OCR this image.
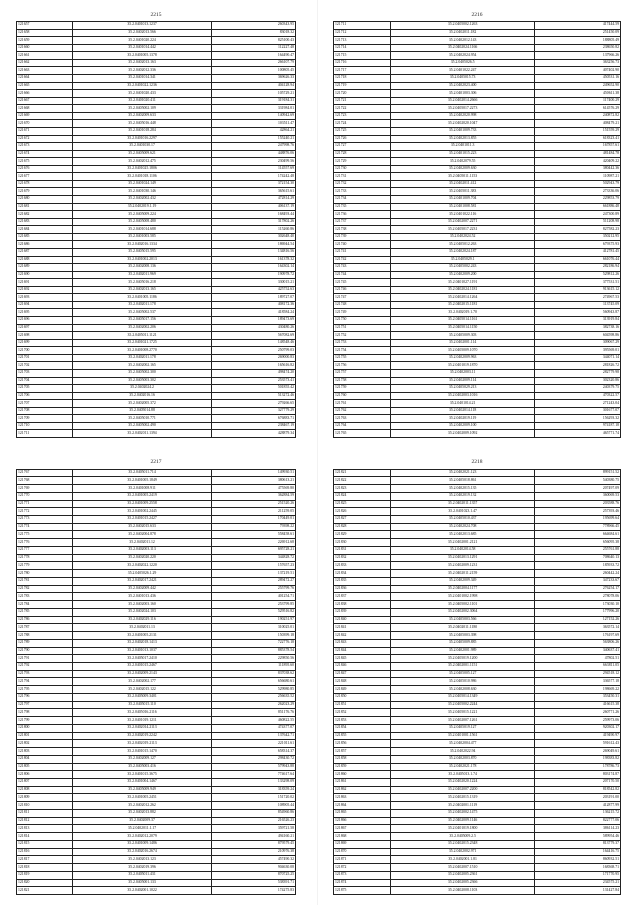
2215
121657	35.2.0401013.1237	260343.95
121658	35.2.0402013.566	83018.32
121659	35.2.0401020.224	825100.43
121660	35.2.0401014.442	112227.48
121661	35.2.0401005.1378	164490.47
121662	35.2.0402013.163	266107.79
121663	35.2.0402012.336	100805.45
121664	35.2.0401014.341	369626.33
121665	35.2.0401022.1236	404128.94
121666	35.2.0401020.433	105729.21
121667	35.2.0401020.411	319184.31
121668	35.2.0405002.109	331984.01
121669	35.2.0402009.633	140942.69
121670	35.2.0405016.448	103511.47
121671	35.2.0401018.284	42864.21
121672	35.2.0401016.2297	155240.21
121673	35.2.0401030.17	247998.76
121674	35.2.0405009.621	448876.06
121675	35.2.0402012.475	230499.56
121676	35.2.0401025.1806	114557.69
121677	35.2.0401018.1106	174242.48
121678	35.2.0401024.149	372154.30
121679	35.2.0401030.146	365615.61
121680	35.2.0402002.432	472814.29
121681	35.2.0402019.1.19	406137.19
121682	35.2.0405009.224	168493.44
121683	35.2.0405008.480	317802.26
121684	35.2.0401014.688	115260.86
121685	35.2.0401003.585	302648.40
121686	35.2.0402016.1334	186944.54
121687	35.2.0405015.595	134816.56
121688	35.2.0401002.2013	161378.32
121689	35.2.0402008.136	164302.14
121690	35.2.0402011.969	190978.72
121691	35.2.0405016.218	330015.21
121692	35.2.0402013.165	425752.63
121693	35.2.0401005.1186	189727.07
121694	35.2.0402011.178	408172.36
121695	35.2.0405002.537	418584.24
121696	35.2.0405017.156	189473.69
121697	35.2.0402002.206	430480.26
121698	35.2.0405011.1121	567082.69
121699	35.2.0401021.1725	148548.46
121700	35.2.0401008.2770	250799.03
121701	35.2.0402011.178	269000.83
121702	35.2.0402002.165	165616.82
121703	35.2.0405002.300	498474.20
121704	35.2.0405003.302	253573.41
121705	35.2.0402024.2	501855.42
121706	35.2.0402016.16	513272.46
121707	35.2.0402005.372	279266.65
121708	35.2.0405014.88	327779.29
121709	35.2.0405010.771	676883.71
121710	35.2.0405002.490	238467.19
121711	35.2.0402011.1394	428879.34
2216
121711	35.2.0405002.1263	417444.59
121712	35.2.0402011.182	251450.09
121713	35.2.0402012.143	188805.49
121714	35.2.0402024.1166	238650.82
121715	35.2.0402024.954	137966.26
121716	35.2.0405026.5	363256.73
121717	35.2.0401022.247	407402.90
121718	35.2.0405015.73	450531.16
121719	35.2.0402023.400	249652.90
121720	35.2.0401003.306	450611.38
121721	35.2.0402014.2666	117400.29
121722	35.2.0405017.2273	614576.29
121723	35.2.0402020.998	240872.82
121724	35.2.0402020.1047	408479.21
121725	35.2.0401009.733	151559.29
121726	35.2.0402013.855	618323.41
121727	35.2.0401011.3	167857.61
121728	35.2.0401015.223	481484.78
121729	35.2.0402079.55	420409.22
121730	35.2.0402009.630	380442.36
121731	35.2.0405011.1153	110987.21
121732	35.2.0402011.412	502943.79
121733	35.2.0405011.383	273336.06
121734	35.2.0401009.704	229853.79
121735	35.2.0401008.581	661886.48
121736	35.2.0401022.116	247300.89
121737	35.2.0402007.2271	511208.98
121738	35.2.0405017.2231	827582.23
121739	35.2.0402024.52	350212.95
121740	35.2.0405012.263	679375.93
121741	35.2.0402024.187	412781.45
121742	35.2.0405029.1	661076.44
121743	35.2.0405002.243	282186.94
121744	35.2.0402009.200	529812.26
121745	35.2.0401027.1191	377531.51
121746	35.2.0402024.1181	913615.12
121747	35.2.0402014.1264	274967.53
121748	35.2.0402015.1181	113745.09
121749	35.2.0402019.1.70	560943.87
121750	35.2.0405014.1161	313919.84
121751	35.2.0405014.1150	382738.16
121752	35.2.0405009.303	604598.86
121753	35.2.0402001.114	309067.29
121754	35.2.0405009.1070	395569.01
121755	35.2.0402009.963	344071.14
121756	35.2.0401019.1870	281826.72
121757	35.2.0402003.11	282779.98
121758	35.2.0402009.114	302320.86
121759	35.2.0405029.213	240379.75
121760	35.2.0402003.1016	470322.57
121761	35.2.0401014.21	271243.04
121762	35.2.0402014.118	301677.07
121763	35.2.0402019.119	156293.32
121764	35.2.0402009.100	974187.18
121765	35.2.0402009.1092	465771.74
2217
121767	35.2.0405011.714	149930.51
121768	35.2.0401005.1849	380613.21
121769	35.2.0401008.911	475569.80
121770	35.2.0401005.2419	362884.59
121771	35.2.0401009.2558	251520.26
121772	35.2.0401002.2445	211259.05
121773	35.2.0401015.2427	170449.01
121774	35.2.0402015.633	79398.22
121775	35.2.0402004.878	558458.61
121776	35.2.0402011.12	226912.68
121777	35.2.0402003.113	695728.21
121778	35.2.0402020.220	344828.72
121779	35.2.0402022.1220	157657.23
121780	35.2.0405026.1.29	137219.51
121781	35.2.0402017.2421	289472.27
121782	35.2.0402009.442	255799.76
121783	35.2.0401013.436	401254.71
121784	35.2.0402003.160	253799.85
121785	35.2.0402024.103	529516.82
121786	35.2.0402029.116	190251.97
121787	35.2.0402011.13	310025.01
121788	35.2.0401005.2131	150399.18
121789	35.2.0402018.1413	722776.18
121790	35.2.0401013.1037	885378.54
121791	35.2.0405017.2410	229850.56
121792	35.2.0401015.2467	111895.60
121793	35.2.0402009.2143	837038.62
121794	35.2.0402002.177	656680.61
121795	35.2.0402015.122	529980.85
121796	35.2.0405009.3401	256635.52
121797	35.2.0405015.110	262023.29
121798	35.2.0405016.2116	851176.76
121799	35.2.0401019.1211	460822.55
121800	35.2.0402014.2113	474377.07
121801	35.2.0402019.2242	137642.71
121802	35.2.0402019.2113	221011.61
121803	35.2.0401015.1470	658314.37
121804	35.2.0402009.127	298430.72
121805	35.2.0405003.416	579943.88
121806	35.2.0401015.3675	774617.64
121807	35.2.0401004.1467	133298.09
121808	35.2.0405009.949	318359.24
121809	35.2.0401005.2451	151720.02
121810	35.2.0402012.262	108905.44
121811	35.2.0402013.882	854960.86
121812	35.2.0402009.37	216526.23
121813	35.2.0402011.1.17	359721.58
121814	35.2.0402012.2079	494160.21
121815	35.2.0401009.1486	879579.45
121816	35.2.0402016.2674	210976.38
121817	35.2.0402013.123	457490.32
121818	35.2.0402019.396	904630.08
121819	35.2.0405011.431	870725.25
121820	35.2.0405001.133	538391.71
121821	35.2.0402001.1022	174275.83
2218
121821	35.2.0402021.123	899151.52
121822	35.2.0405018.861	540380.75
121823	35.2.0402015.135	207497.09
121824	35.2.0402019.132	360069.53
121825	35.2.0402011.1357	203588.76
121826	35.2.0401023.1.47	257393.46
121827	35.2.0405010.437	195699.64
121828	35.2.0402024.708	778966.45
121829	35.2.0402013.685	664684.61
121830	35.2.0402001.2121	656095.38
121831	35.2.0402014.58	255761.88
121832	35.2.0402013.1291	708640.13
121833	35.2.0402009.1231	185933.72
121834	35.2.0402011.2159	260442.24
121835	35.2.0402009.349	347233.67
121836	35.2.0402004.1177	276254.17
121837	35.2.0401002.1998	278078.06
121838	35.2.0405002.1101	173030.10
121839	35.2.0402002.3064	177996.20
121840	35.2.0405003.566	127152.26
121841	35.2.0402011.1180	363572.14
121842	35.2.0405003.398	176197.69
121843	35.2.0405009.885	563806.26
121844	35.2.0402001.989	340637.41
121845	35.2.0405019.1200	47802.51
121846	35.2.0402001.1151	663811.05
121847	35.2.0405005.127	294518.12
121848	35.2.0405010.986	336577.18
121849	35.2.0402008.630	198669.22
121850	35.2.0405014.1349	353450.31
121851	35.2.0405002.2244	416615.38
121852	35.2.0405015.1221	260771.26
121853	35.2.0402007.1261	259973.06
121854	35.2.0405019.127	920302.17
121855	35.2.0401001.1561	419490.97
121856	35.2.0402004.477	591612.43
121857	35.2.0402022.94	269049.61
121858	35.2.0402003.870	198383.82
121859	35.2.0402021.178	178786.73
121860	35.2.0405013.1.74	803174.87
121861	35.2.0402020.1224	207170.50
121862	35.2.0402007.2200	818542.82
121863	35.2.0402015.1319	203191.00
121864	35.2.0402001.1119	412877.99
121865	35.2.0402002.1475	136215.72
121866	35.2.0402009.1146	822777.06
121867	35.2.0401019.1800	386114.23
121868	35.2.0405009.2.5	589954.46
121869	35.2.0402015.2348	813779.37
121870	35.2.0402002.971	164416.75
121871	35.2.0402001.1.81	860932.51
121872	35.2.0402007.1510	168368.71
121873	35.2.0402005.2361	171770.95
121874	35.2.0402005.2366	234575.21
121875	35.2.0402008.1103	131427.84
